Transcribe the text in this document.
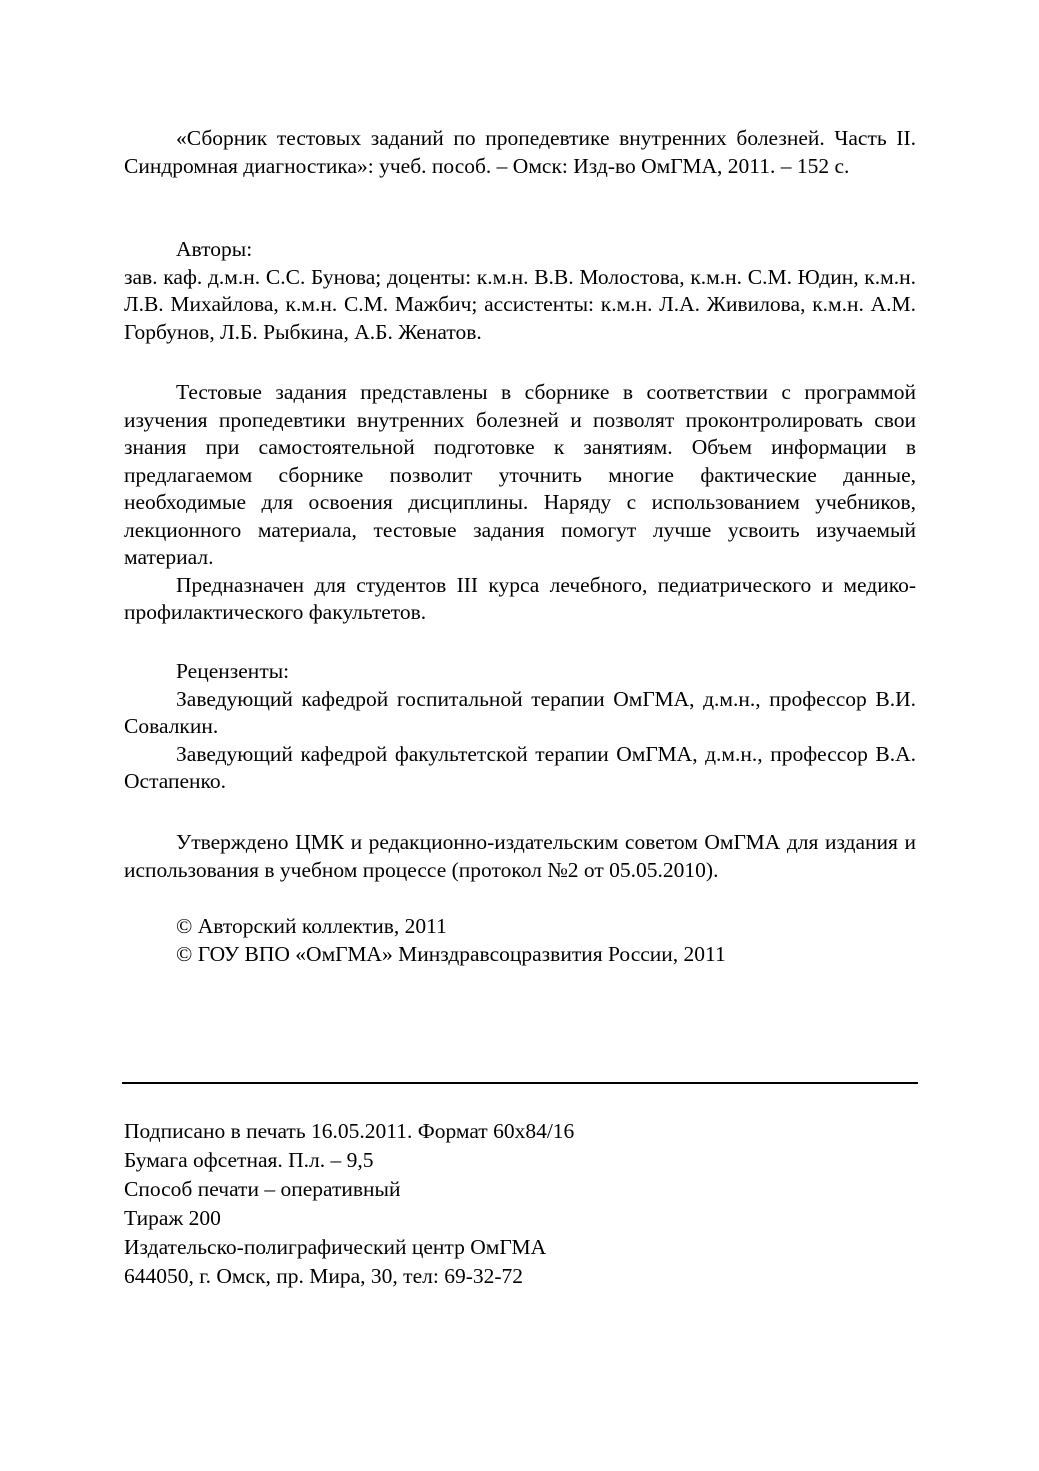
«Сборник тестовых заданий по пропедевтике внутренних болезней. Часть II. Синдромная диагностика»: учеб. пособ. – Омск: Изд-во ОмГМА, 2011. – 152 с.

Авторы:

зав. каф. д.м.н. С.С. Бунова; доценты: к.м.н. В.В. Молостова, к.м.н. С.М. Юдин, к.м.н. Л.В. Михайлова, к.м.н. С.М. Мажбич; ассистенты: к.м.н. Л.А. Живилова, к.м.н. А.М. Горбунов, Л.Б. Рыбкина, А.Б. Женатов.

Тестовые задания представлены в сборнике в соответствии с программой изучения пропедевтики внутренних болезней и позволят проконтролировать свои знания при самостоятельной подготовке к занятиям. Объем информации в предлагаемом сборнике позволит уточнить многие фактические данные, необходимые для освоения дисциплины. Наряду с использованием учебников, лекционного материала, тестовые задания помогут лучше усвоить изучаемый материал.

Предназначен для студентов III курса лечебного, педиатрического и медико-профилактического факультетов.

Рецензенты:

Заведующий кафедрой госпитальной терапии ОмГМА, д.м.н., профессор В.И. Совалкин.

Заведующий кафедрой факультетской терапии ОмГМА, д.м.н., профессор В.А. Остапенко.

Утверждено ЦМК и редакционно-издательским советом ОмГМА для издания и использования в учебном процессе (протокол №2 от 05.05.2010).

© Авторский коллектив, 2011

© ГОУ ВПО «ОмГМА» Минздравсоцразвития России, 2011

Подписано в печать 16.05.2011. Формат 60х84/16
Бумага офсетная. П.л. – 9,5
Способ печати – оперативный
Тираж 200
Издательско-полиграфический центр ОмГМА
644050, г. Омск, пр. Мира, 30, тел: 69-32-72
